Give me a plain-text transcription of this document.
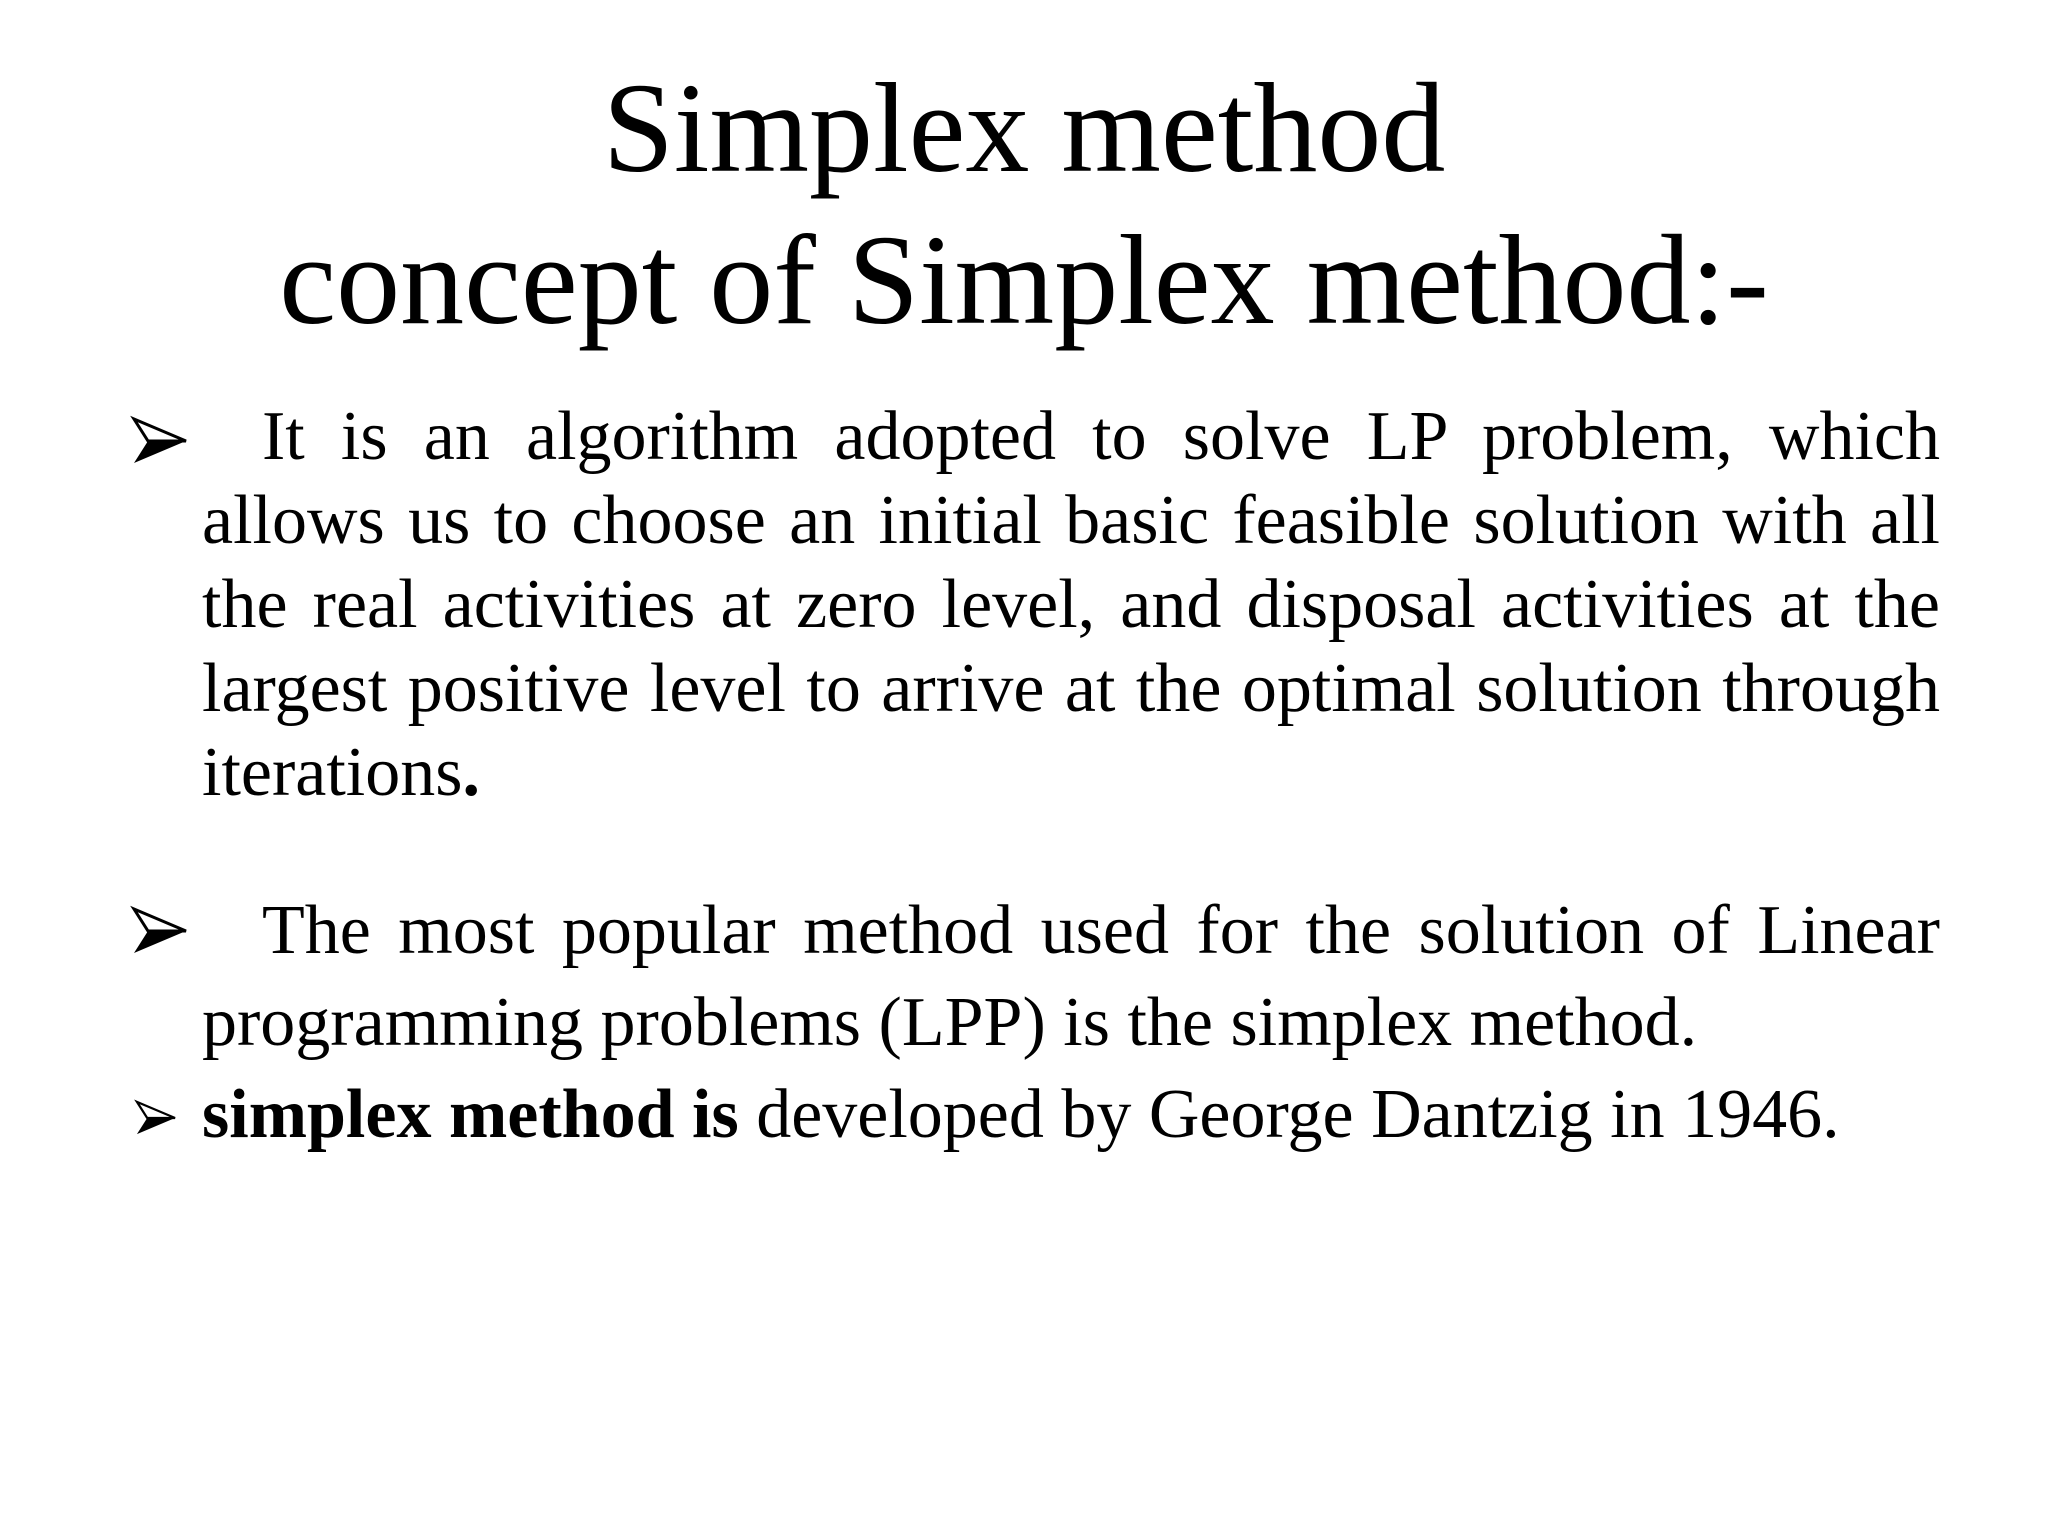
Simplex method
concept of Simplex method:-
It is an algorithm adopted to solve LP problem, which allows us to choose an initial basic feasible solution with all the real activities at zero level, and disposal activities at the largest positive level to arrive at the optimal solution through iterations.
The most popular method used for the solution of Linear programming problems (LPP) is the simplex method.
simplex method is developed by George Dantzig in 1946.
